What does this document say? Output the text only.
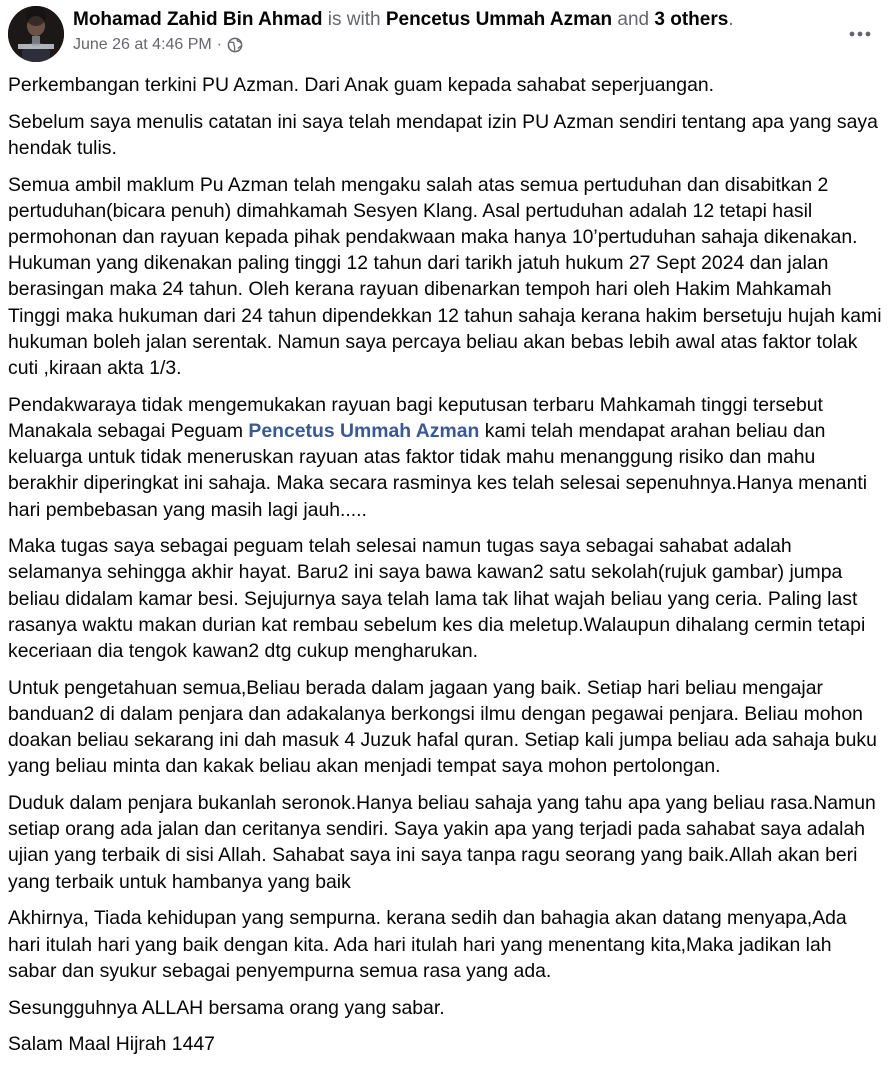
Mohamad Zahid Bin Ahmad is with Pencetus Ummah Azman and 3 others.
June 26 at 4:46 PM ·

Perkembangan terkini PU Azman. Dari Anak guam kepada sahabat seperjuangan.

Sebelum saya menulis catatan ini saya telah mendapat izin PU Azman sendiri tentang apa yang saya hendak tulis.

Semua ambil maklum Pu Azman telah mengaku salah atas semua pertuduhan dan disabitkan 2 pertuduhan(bicara penuh) dimahkamah Sesyen Klang. Asal pertuduhan adalah 12 tetapi hasil permohonan dan rayuan kepada pihak pendakwaan maka hanya 10’pertuduhan sahaja dikenakan. Hukuman yang dikenakan paling tinggi 12 tahun dari tarikh jatuh hukum 27 Sept 2024 dan jalan berasingan maka 24 tahun. Oleh kerana rayuan dibenarkan tempoh hari oleh Hakim Mahkamah Tinggi maka hukuman dari 24 tahun dipendekkan 12 tahun sahaja kerana hakim bersetuju hujah kami hukuman boleh jalan serentak. Namun saya percaya beliau akan bebas lebih awal atas faktor tolak cuti ,kiraan akta 1/3.

Pendakwaraya tidak mengemukakan rayuan bagi keputusan terbaru Mahkamah tinggi tersebut Manakala sebagai Peguam Pencetus Ummah Azman kami telah mendapat arahan beliau dan keluarga untuk tidak meneruskan rayuan atas faktor tidak mahu menanggung risiko dan mahu berakhir diperingkat ini sahaja. Maka secara rasminya kes telah selesai sepenuhnya.Hanya menanti hari pembebasan yang masih lagi jauh.....

Maka tugas saya sebagai peguam telah selesai namun tugas saya sebagai sahabat adalah selamanya sehingga akhir hayat. Baru2 ini saya bawa kawan2 satu sekolah(rujuk gambar) jumpa beliau didalam kamar besi. Sejujurnya saya telah lama tak lihat wajah beliau yang ceria. Paling last rasanya waktu makan durian kat rembau sebelum kes dia meletup.Walaupun dihalang cermin tetapi keceriaan dia tengok kawan2 dtg cukup mengharukan.

Untuk pengetahuan semua,Beliau berada dalam jagaan yang baik. Setiap hari beliau mengajar banduan2 di dalam penjara dan adakalanya berkongsi ilmu dengan pegawai penjara. Beliau mohon doakan beliau sekarang ini dah masuk 4 Juzuk hafal quran. Setiap kali jumpa beliau ada sahaja buku yang beliau minta dan kakak beliau akan menjadi tempat saya mohon pertolongan.

Duduk dalam penjara bukanlah seronok.Hanya beliau sahaja yang tahu apa yang beliau rasa.Namun setiap orang ada jalan dan ceritanya sendiri. Saya yakin apa yang terjadi pada sahabat saya adalah ujian yang terbaik di sisi Allah. Sahabat saya ini saya tanpa ragu seorang yang baik.Allah akan beri yang terbaik untuk hambanya yang baik

Akhirnya, Tiada kehidupan yang sempurna. kerana sedih dan bahagia akan datang menyapa,Ada hari itulah hari yang baik dengan kita. Ada hari itulah hari yang menentang kita,Maka jadikan lah sabar dan syukur sebagai penyempurna semua rasa yang ada.

Sesungguhnya ALLAH bersama orang yang sabar.

Salam Maal Hijrah 1447
